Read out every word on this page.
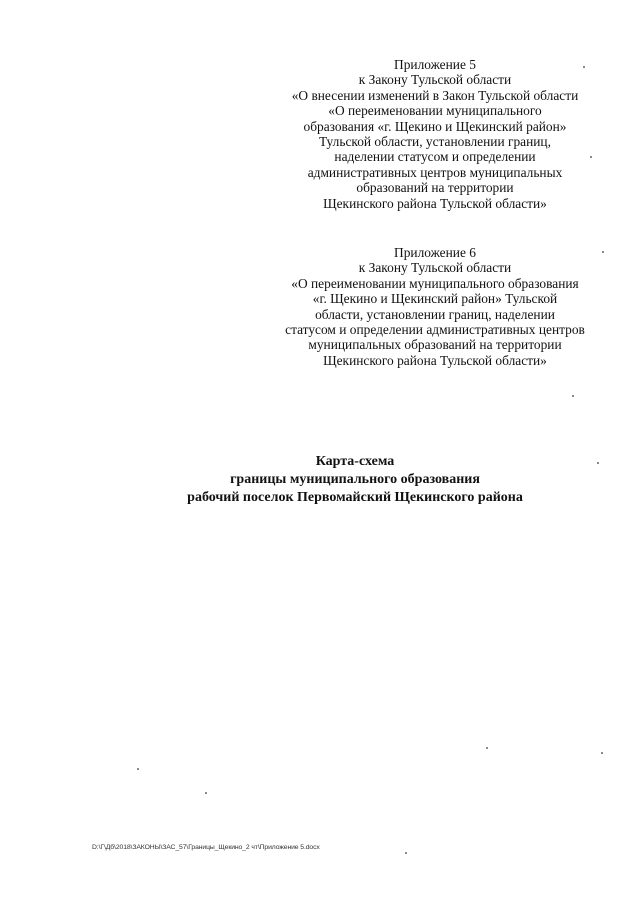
Приложение 5
к Закону Тульской области
«О внесении изменений в Закон Тульской области
«О переименовании муниципального
образования «г. Щекино и Щекинский район»
Тульской области, установлении границ,
наделении статусом и определении
административных центров муниципальных
образований на территории
Щекинского района Тульской области»
Приложение 6
к Закону Тульской области
«О переименовании муниципального образования
«г. Щекино и Щекинский район» Тульской
области, установлении границ, наделении
статусом и определении административных центров
муниципальных образований на территории
Щекинского района Тульской области»
Карта-схема
границы муниципального образования
рабочий поселок Первомайский Щекинского района
D:\Г\Дб\2018\ЗАКОНЫ\ЗАС_57\Границы_Щекино_2 чт\Приложение 5.docx
